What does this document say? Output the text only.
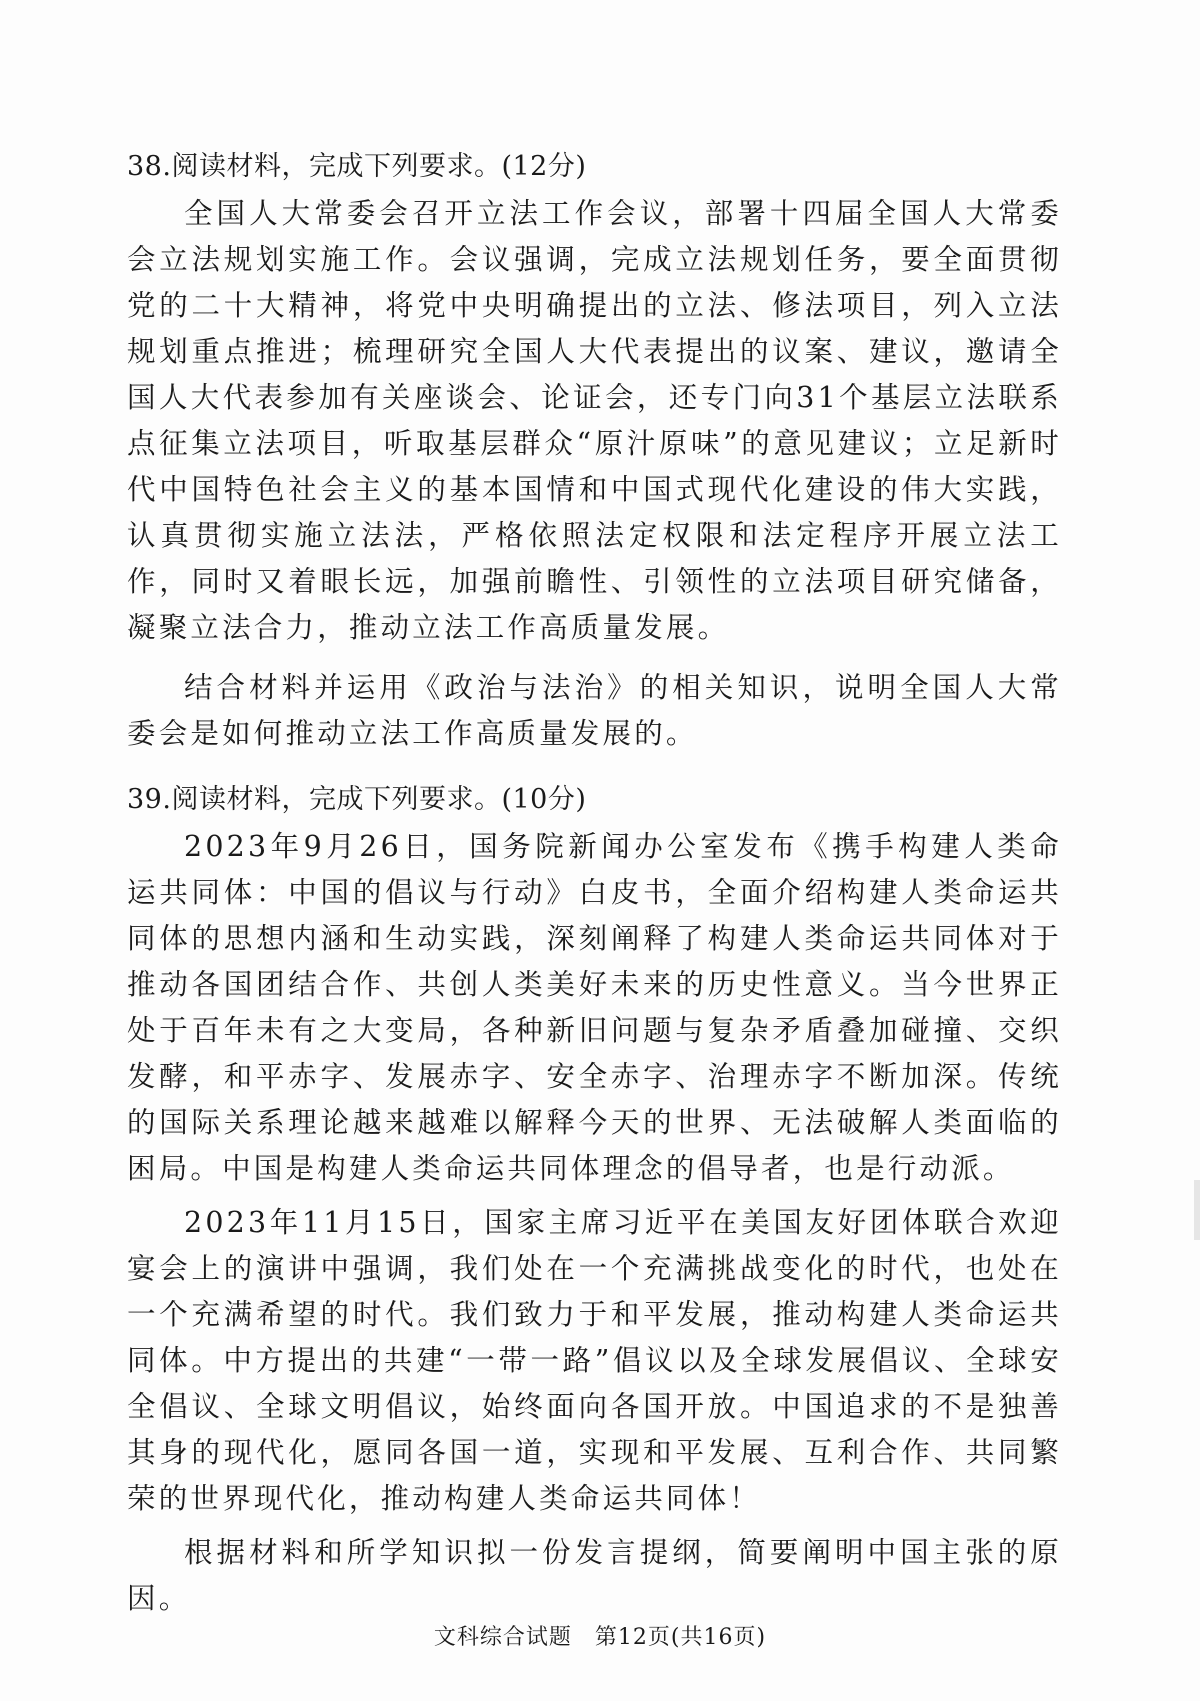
38.阅读材料，完成下列要求。(12分)

全国人大常委会召开立法工作会议，部署十四届全国人大常委会立法规划实施工作。会议强调，完成立法规划任务，要全面贯彻党的二十大精神，将党中央明确提出的立法、修法项目，列入立法规划重点推进；梳理研究全国人大代表提出的议案、建议，邀请全国人大代表参加有关座谈会、论证会，还专门向31个基层立法联系点征集立法项目，听取基层群众“原汁原味”的意见建议；立足新时代中国特色社会主义的基本国情和中国式现代化建设的伟大实践，认真贯彻实施立法法，严格依照法定权限和法定程序开展立法工作，同时又着眼长远，加强前瞻性、引领性的立法项目研究储备，凝聚立法合力，推动立法工作高质量发展。

结合材料并运用《政治与法治》的相关知识，说明全国人大常委会是如何推动立法工作高质量发展的。

39.阅读材料，完成下列要求。(10分)

2023年9月26日，国务院新闻办公室发布《携手构建人类命运共同体：中国的倡议与行动》白皮书，全面介绍构建人类命运共同体的思想内涵和生动实践，深刻阐释了构建人类命运共同体对于推动各国团结合作、共创人类美好未来的历史性意义。当今世界正处于百年未有之大变局，各种新旧问题与复杂矛盾叠加碰撞、交织发酵，和平赤字、发展赤字、安全赤字、治理赤字不断加深。传统的国际关系理论越来越难以解释今天的世界、无法破解人类面临的困局。中国是构建人类命运共同体理念的倡导者，也是行动派。

2023年11月15日，国家主席习近平在美国友好团体联合欢迎宴会上的演讲中强调，我们处在一个充满挑战变化的时代，也处在一个充满希望的时代。我们致力于和平发展，推动构建人类命运共同体。中方提出的共建“一带一路”倡议以及全球发展倡议、全球安全倡议、全球文明倡议，始终面向各国开放。中国追求的不是独善其身的现代化，愿同各国一道，实现和平发展、互利合作、共同繁荣的世界现代化，推动构建人类命运共同体！

根据材料和所学知识拟一份发言提纲，简要阐明中国主张的原因。

文科综合试题　第12页(共16页)
